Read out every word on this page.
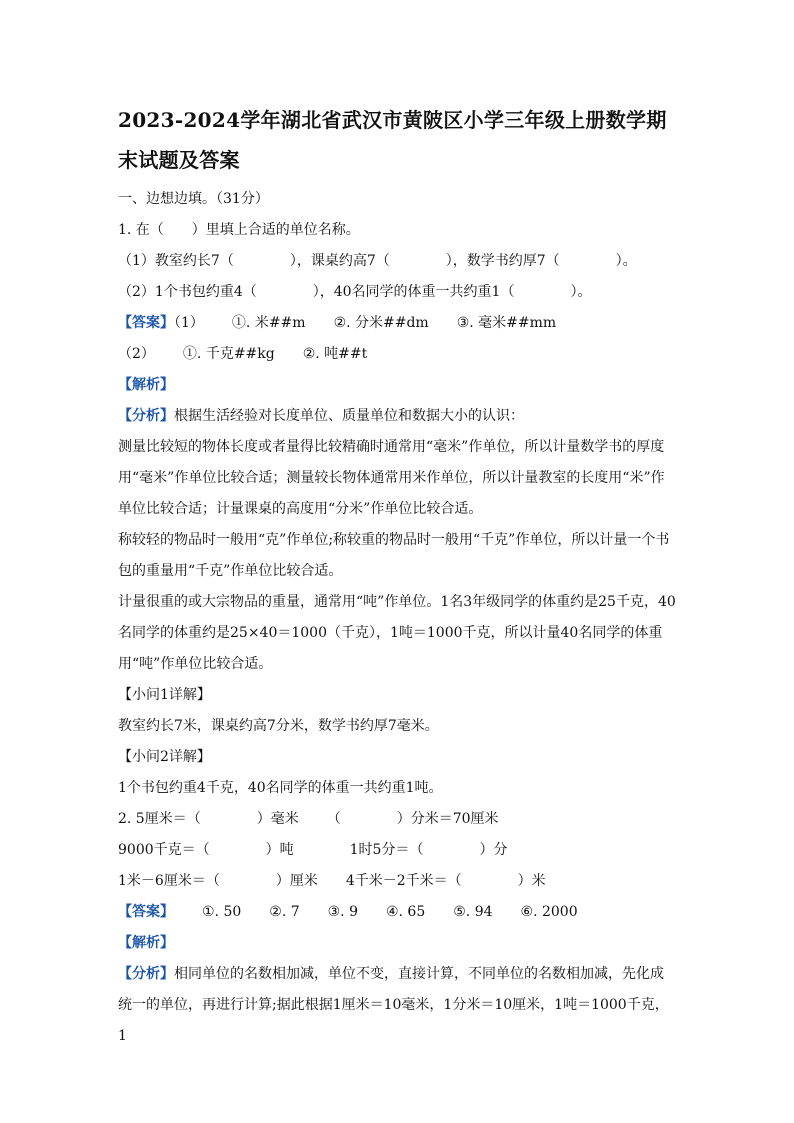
2023-2024学年湖北省武汉市黄陂区小学三年级上册数学期末试题及答案

一、边想边填。（31分）

1. 在（　　）里填上合适的单位名称。

（1）教室约长7（　　　　），课桌约高7（　　　　），数学书约厚7（　　　　）。

（2）1个书包约重4（　　　　），40名同学的体重一共约重1（　　　　）。

【答案】（1） ①. 米##m ②. 分米##dm ③. 毫米##mm

（2） ①. 千克##kg ②. 吨##t

【解析】

【分析】根据生活经验对长度单位、质量单位和数据大小的认识：

测量比较短的物体长度或者量得比较精确时通常用“毫米”作单位，所以计量数学书的厚度用“毫米”作单位比较合适；测量较长物体通常用米作单位，所以计量教室的长度用“米”作单位比较合适；计量课桌的高度用“分米”作单位比较合适。

称较轻的物品时一般用“克”作单位;称较重的物品时一般用“千克”作单位，所以计量一个书包的重量用“千克”作单位比较合适。

计量很重的或大宗物品的重量，通常用“吨”作单位。1名3年级同学的体重约是25千克，40名同学的体重约是25×40＝1000（千克），1吨＝1000千克，所以计量40名同学的体重用“吨”作单位比较合适。

【小问1详解】

教室约长7米，课桌约高7分米，数学书约厚7毫米。

【小问2详解】

1个书包约重4千克，40名同学的体重一共约重1吨。

2. 5厘米＝（　　　　）毫米 （　　　　）分米＝70厘米

9000千克＝（　　　　）吨	1时5分＝（　　　　）分

1米－6厘米＝（　　　　）厘米 4千米－2千米＝（　　　　）米

【答案】 ①. 50 ②. 7 ③. 9 ④. 65 ⑤. 94 ⑥. 2000

【解析】

【分析】相同单位的名数相加减，单位不变，直接计算，不同单位的名数相加减，先化成统一的单位，再进行计算;据此根据1厘米＝10毫米，1分米＝10厘米，1吨＝1000千克，1
